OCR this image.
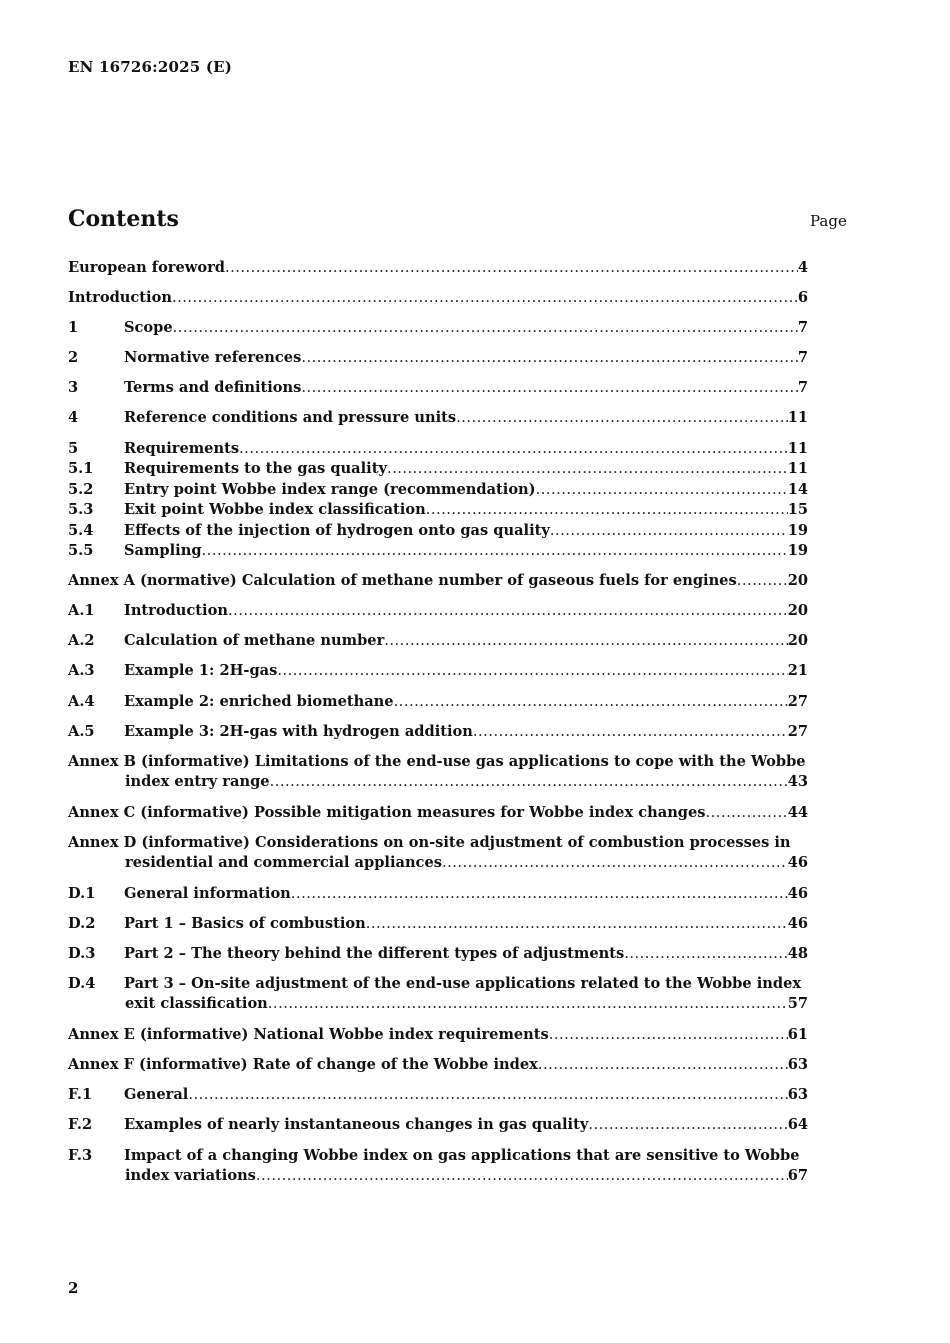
EN 16726:2025 (E)
Contents	Page
European foreword .....	4
Introduction .....	6
1	Scope .....	7
2	Normative references .....	7
3	Terms and definitions .....	7
4	Reference conditions and pressure units .....	11
5	Requirements .....	11
5.1	Requirements to the gas quality .....	11
5.2	Entry point Wobbe index range (recommendation) .....	14
5.3	Exit point Wobbe index classification .....	15
5.4	Effects of the injection of hydrogen onto gas quality .....	19
5.5	Sampling .....	19
Annex A (normative) Calculation of methane number of gaseous fuels for engines .....	20
A.1	Introduction .....	20
A.2	Calculation of methane number .....	20
A.3	Example 1: 2H-gas .....	21
A.4	Example 2: enriched biomethane .....	27
A.5	Example 3: 2H-gas with hydrogen addition .....	27
Annex B (informative) Limitations of the end-use gas applications to cope with the Wobbe
index entry range .....	43
Annex C (informative) Possible mitigation measures for Wobbe index changes .....	44
Annex D (informative) Considerations on on-site adjustment of combustion processes in
residential and commercial appliances .....	46
D.1	General information .....	46
D.2	Part 1 – Basics of combustion .....	46
D.3	Part 2 – The theory behind the different types of adjustments .....	48
D.4	Part 3 – On-site adjustment of the end-use applications related to the Wobbe index
exit classification .....	57
Annex E (informative) National Wobbe index requirements .....	61
Annex F (informative) Rate of change of the Wobbe index .....	63
F.1	General .....	63
F.2	Examples of nearly instantaneous changes in gas quality .....	64
F.3	Impact of a changing Wobbe index on gas applications that are sensitive to Wobbe
index variations .....	67
2
